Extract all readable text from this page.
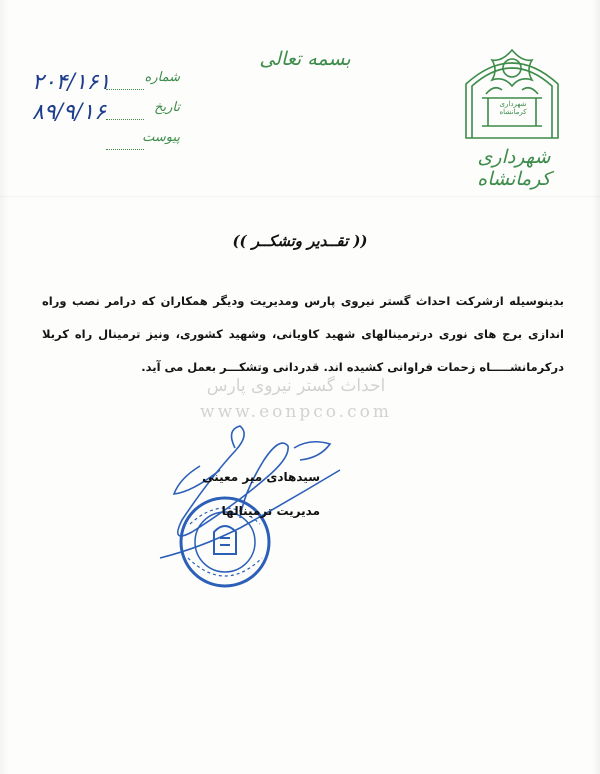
بسمه تعالی
شهرداری کرمانشاه
شهرداری کرمانشاه
۲۰۴/۱۶۱	شماره
۸۹/۹/۱۶	تاریخ
پیوست
(( تقــدیر وتشکــر ))
بدینوسیله ازشرکت احداث گستر نیروی پارس ومدیریت ودیگر همکاران که درامر نصب وراه اندازی برج های نوری درترمینالهای شهید کاویانی، وشهید کشوری، ونیز ترمینال راه کربلا درکرمانشـــــاه زحمات فراوانی کشیده اند. قدردانی وتشکـــر بعمل می آید.
احداث گستر نیروی پارس
www.eonpco.com
سیدهادی میر معینی
مدیریت ترمینالها
